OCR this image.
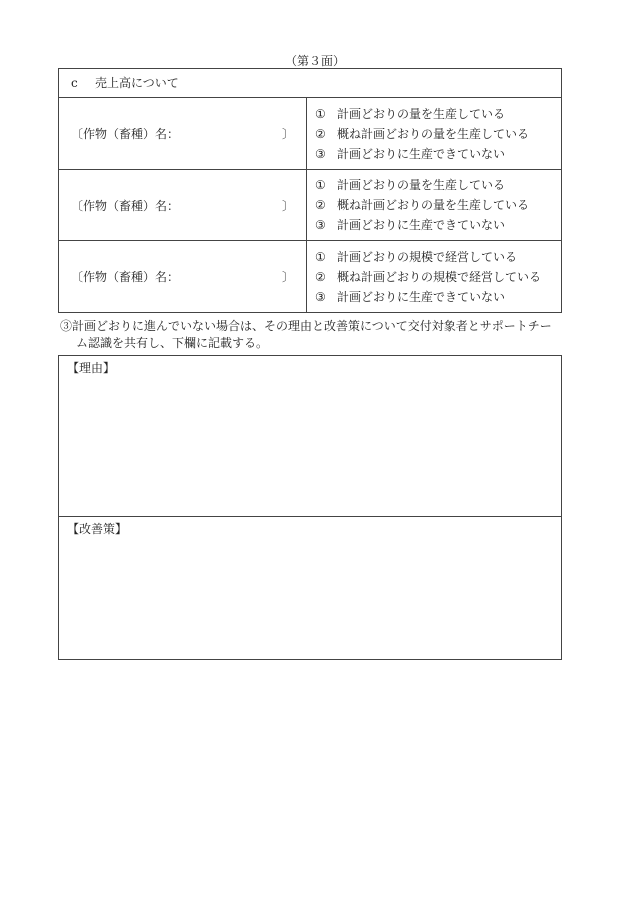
（第３面）
c 売上高について
〔作物（畜種）名：	〕
① 計画どおりの量を生産している
② 概ね計画どおりの量を生産している
③ 計画どおりに生産できていない
〔作物（畜種）名：	〕
① 計画どおりの量を生産している
② 概ね計画どおりの量を生産している
③ 計画どおりに生産できていない
〔作物（畜種）名：	〕
① 計画どおりの規模で経営している
② 概ね計画どおりの規模で経営している
③ 計画どおりに生産できていない
③計画どおりに進んでいない場合は、その理由と改善策について交付対象者とサポートチー
ム認識を共有し、下欄に記載する。
【理由】
【改善策】
